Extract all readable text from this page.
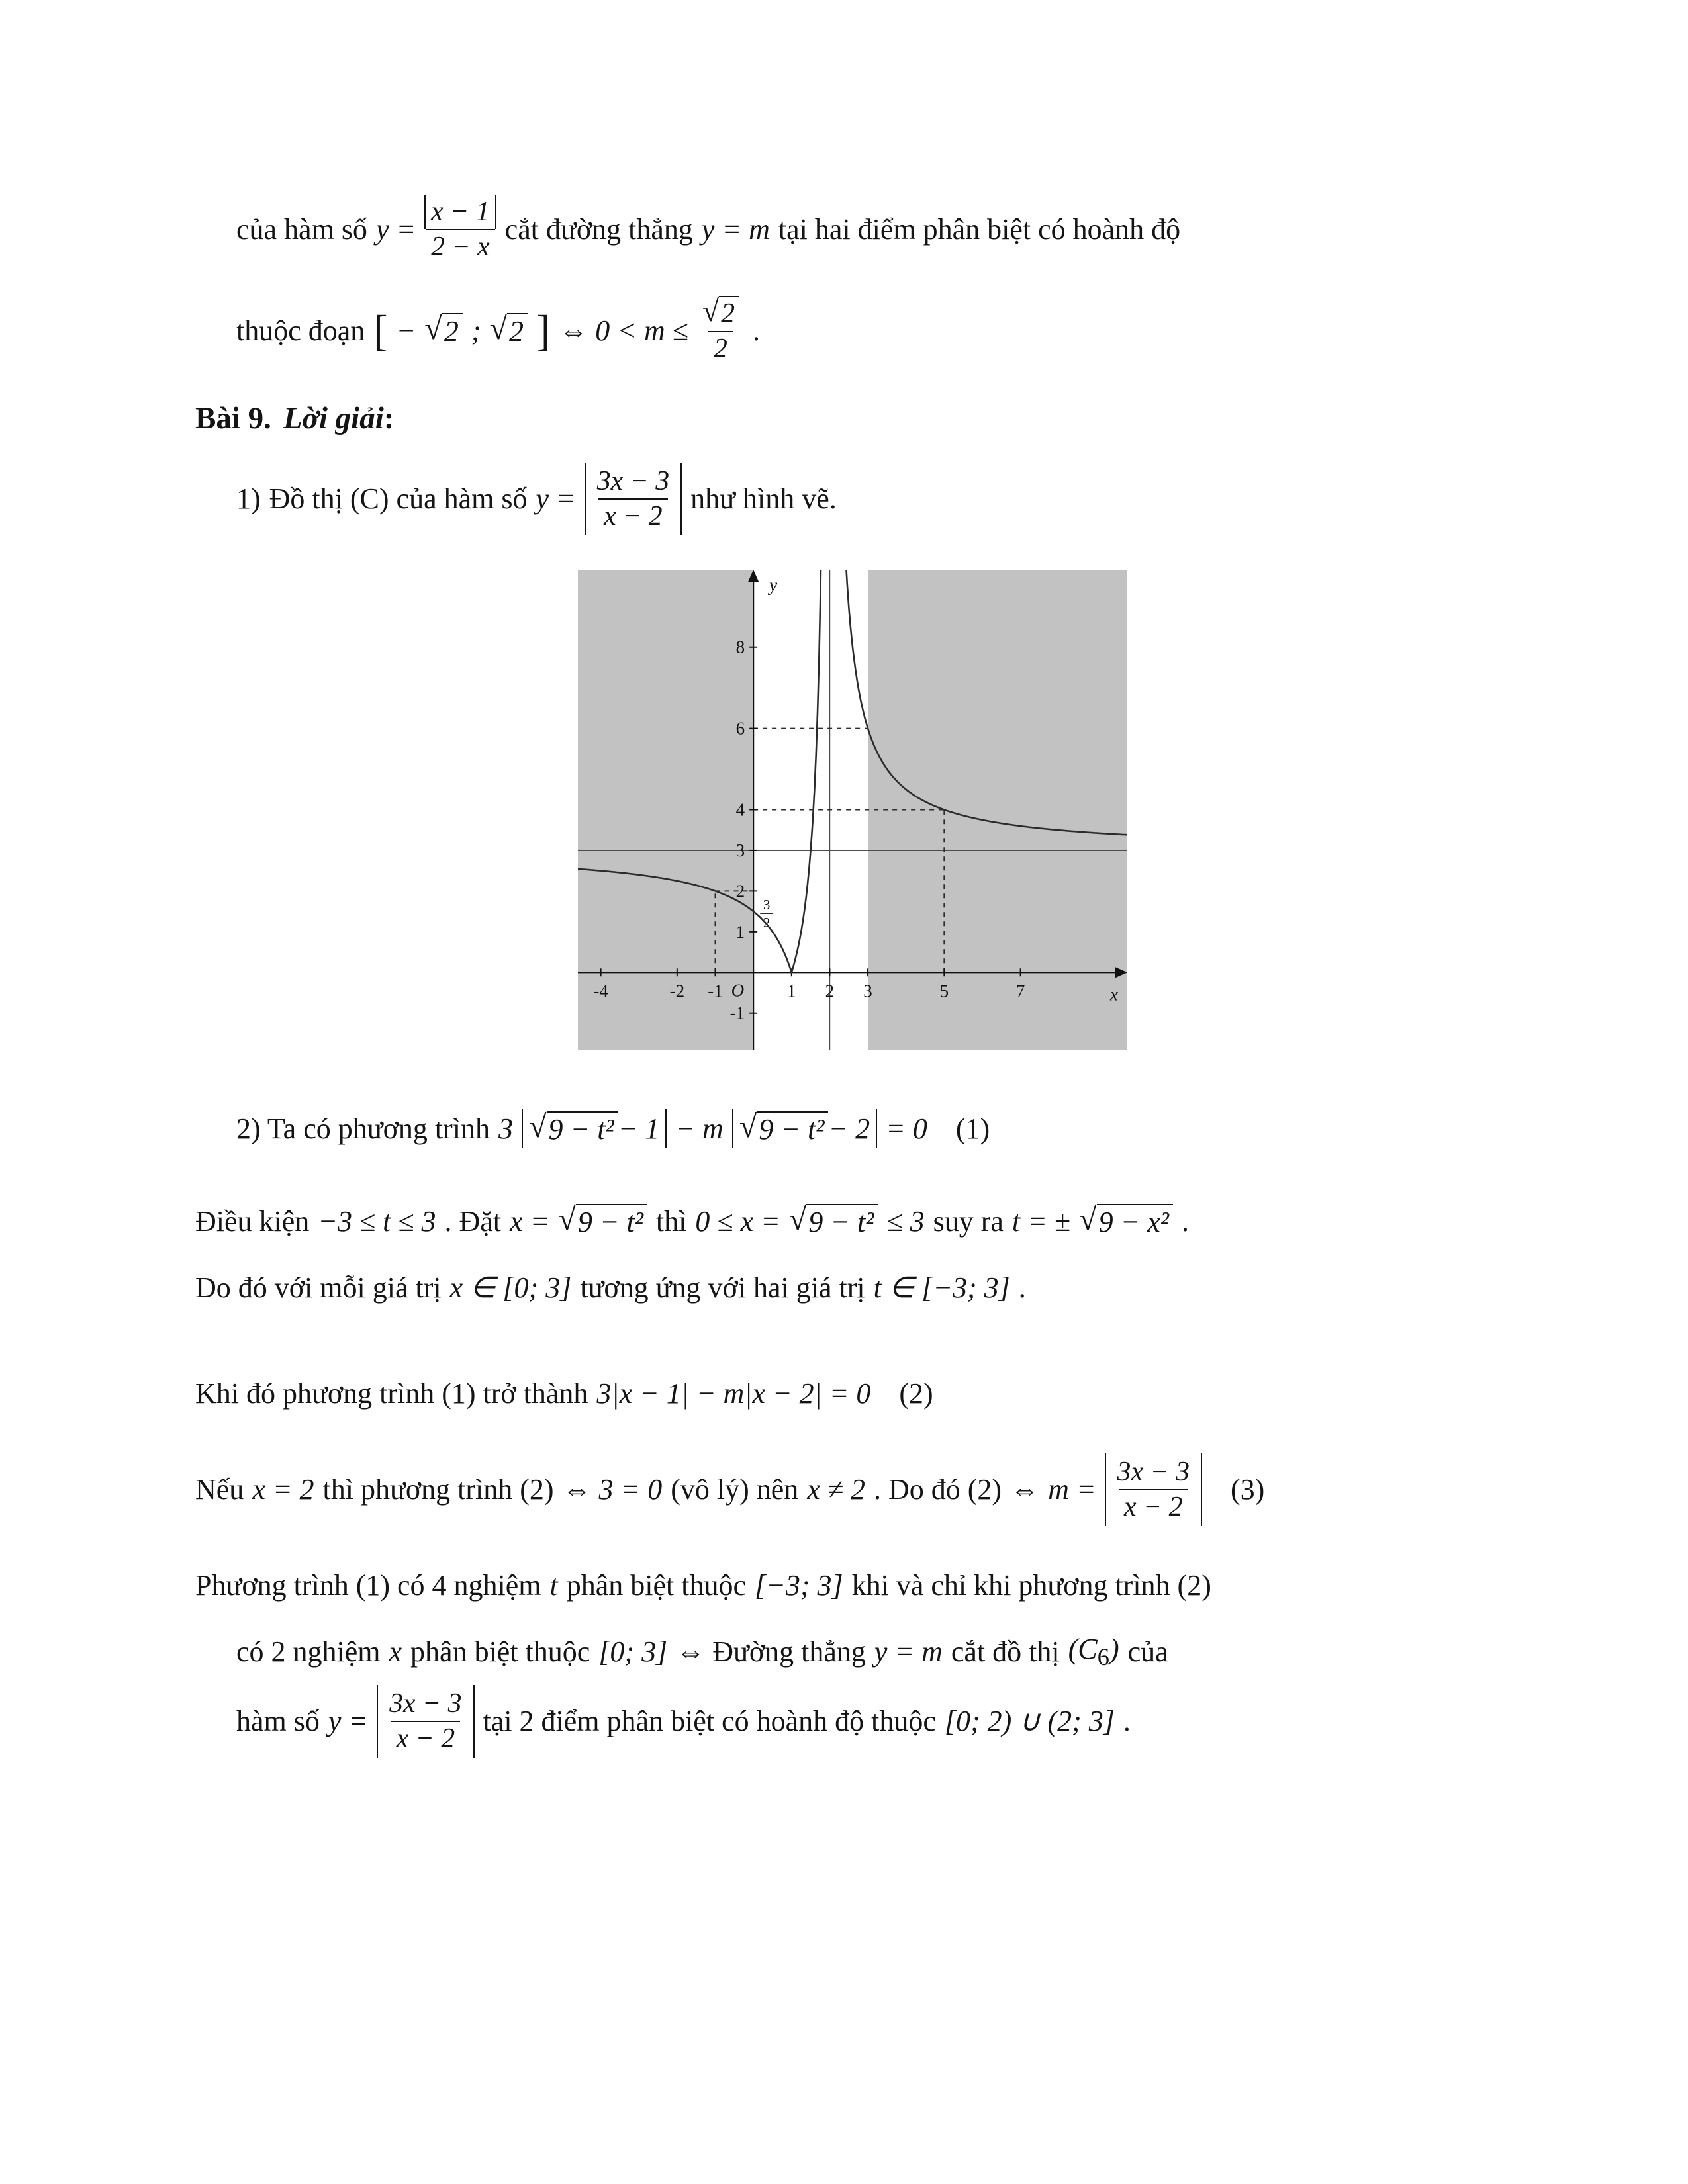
của hàm số $y = \frac{x - 1}{2 - x}$ cắt đường thẳng y = m tại hai điểm phân biệt có hoành độ
thuộc đoạn [ − √ 2 ; √ 2 ] ⇔ $0 < m \le \frac{√ 2}{2}$ .
Bài 9. Lời giải:
1) Đồ thị (C) của hàm số $y = \frac{3x - 3}{x - 2}$ như hình vẽ.
-4	-2 -1	1 2 3	5	7
-1
1
2
3
4
6
8
O	x
y
3
2
2) Ta có phương trình 3 √ 9 − t² − 1 − m √ 9 − t² − 2 = 0 (1)
Điều kiện −3 ≤ t ≤ 3 . Đặt x = √ 9 − t² thì 0 ≤ x = √ 9 − t² ≤ 3 suy ra t = ± √ 9 − x² .
Do đó với mỗi giá trị x ∈ [0; 3] tương ứng với hai giá trị t ∈ [−3; 3] .
Khi đó phương trình (1) trở thành 3|x − 1| − m|x − 2| = 0 (2)
Nếu x = 2 thì phương trình (2) ⇔ 3 = 0 (vô lý) nên x ≠ 2 . Do đó (2) ⇔ $m = \frac{3x - 3}{x - 2} (3)$
Phương trình (1) có 4 nghiệm t phân biệt thuộc [−3; 3] khi và chỉ khi phương trình (2)
có 2 nghiệm x phân biệt thuộc [0; 3] ⇔ Đường thẳng y = m cắt đồ thị $(C_6)$ của
hàm số $y = \frac{3x - 3}{x - 2}$ tại 2 điểm phân biệt có hoành độ thuộc [0; 2) ∪ (2; 3] .
